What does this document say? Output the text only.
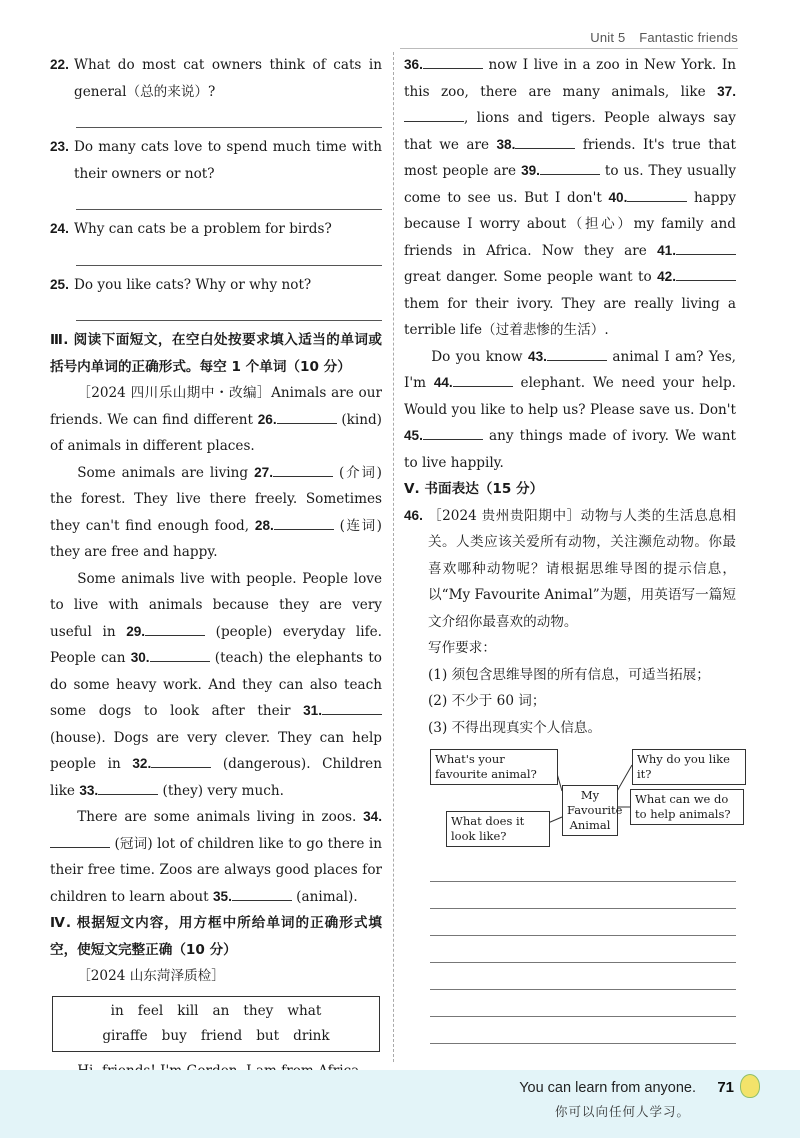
Unit 5 Fantastic friends
22. What do most cat owners think of cats in general（总的来说）?

23. Do many cats love to spend much time with their owners or not?

24. Why can cats be a problem for birds?

25. Do you like cats? Why or why not?

Ⅲ. 阅读下面短文，在空白处按要求填入适当的单词或括号内单词的正确形式。每空 1 个单词（10 分）

［2024 四川乐山期中・改编］Animals are our friends. We can find different 26.	(kind) of animals in different places.

Some animals are living 27.	(介词) the forest. They live there freely. Sometimes they can't find enough food, 28.	(连词) they are free and happy.

Some animals live with people. People love to live with animals because they are very useful in 29.	(people) everyday life. People can 30.	(teach) the elephants to do some heavy work. And they can also teach some dogs to look after their 31. (house). Dogs are very clever. They can help people in 32.	(dangerous). Children like 33.	(they) very much.

There are some animals living in zoos. 34. (冠词) lot of children like to go there in their free time. Zoos are always good places for children to learn about 35.	(animal).

Ⅳ. 根据短文内容，用方框中所给单词的正确形式填空，使短文完整正确（10 分）

［2024 山东菏泽质检］

in feel kill an they what
giraffe buy friend but drink

36.	now I live in a zoo in New York. In this zoo, there are many animals, like 37., lions and tigers. People always say that we are 38.	friends. It's true that most people are 39.	to us. They usually come to see us. But I don't 40.	happy because I worry about（担心）my family and friends in Africa. Now they are 41. great danger. Some people want to 42. them for their ivory. They are really living a terrible life（过着悲惨的生活）.

Do you know 43.	animal I am? Yes, I'm 44.	elephant. We need your help. Would you like to help us? Please save us. Don't 45.	any things made of ivory. We want to live happily.

Ⅴ. 书面表达（15 分）

46. ［2024 贵州贵阳期中］动物与人类的生活息息相关。人类应该关爱所有动物，关注濒危动物。你最喜欢哪种动物呢？请根据思维导图的提示信息，以“My Favourite Animal”为题，用英语写一篇短文介绍你最喜欢的动物。

写作要求：

(1) 须包含思维导图的所有信息，可适当拓展；

(2) 不少于 60 词；

(3) 不得出现真实个人信息。

What's your favourite animal?
My Favourite Animal
Why do you like it?
What can we do to help animals?
What does it look like?
You can learn from anyone.
你可以向任何人学习。
71
